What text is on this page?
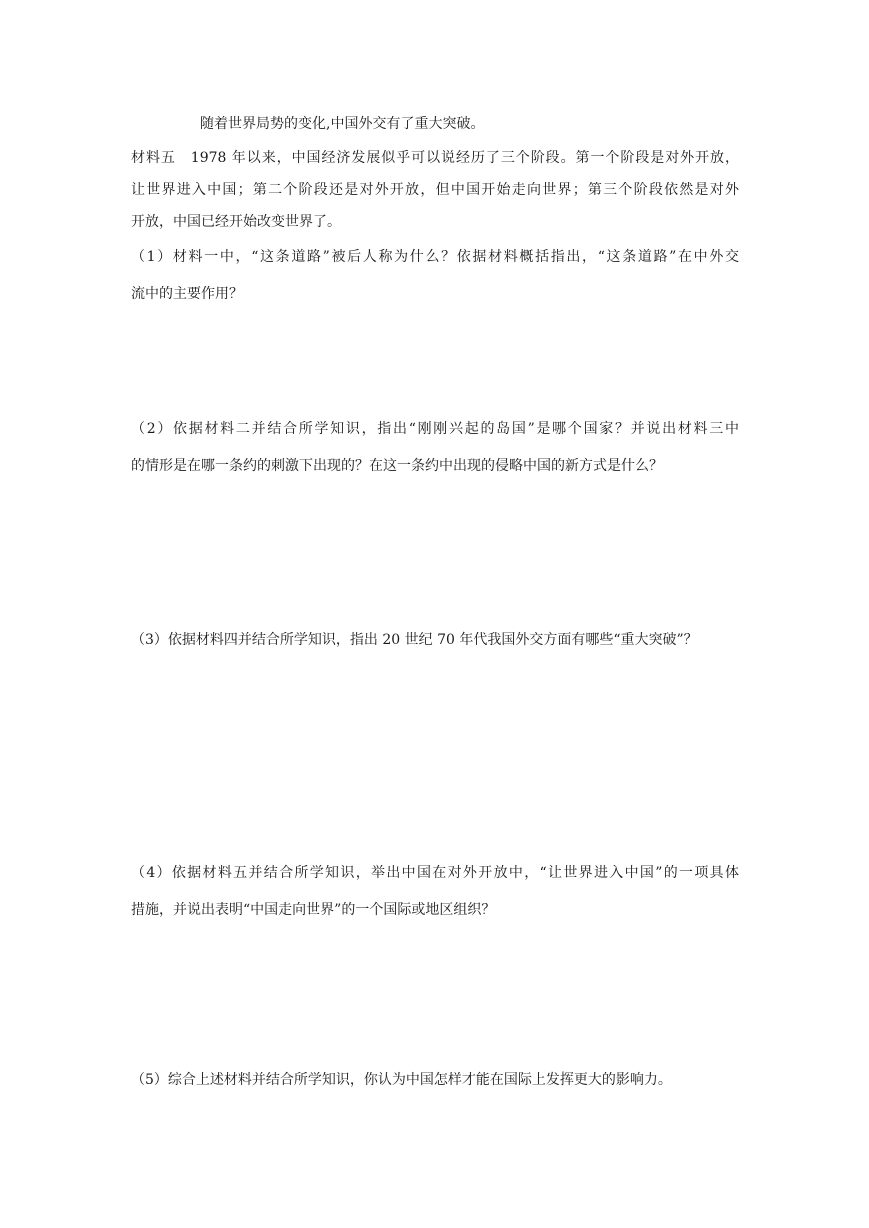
随着世界局势的变化,中国外交有了重大突破。
材料五　1978 年以来，中国经济发展似乎可以说经历了三个阶段。第一个阶段是对外开放，
让世界进入中国；第二个阶段还是对外开放，但中国开始走向世界；第三个阶段依然是对外
开放，中国已经开始改变世界了。
（1）材料一中，“这条道路”被后人称为什么？依据材料概括指出，“这条道路”在中外交
流中的主要作用？
（2）依据材料二并结合所学知识，指出“刚刚兴起的岛国”是哪个国家？并说出材料三中
的情形是在哪一条约的刺激下出现的？在这一条约中出现的侵略中国的新方式是什么？
（3）依据材料四并结合所学知识，指出 20 世纪 70 年代我国外交方面有哪些“重大突破”？
（4）依据材料五并结合所学知识，举出中国在对外开放中，“让世界进入中国”的一项具体
措施，并说出表明“中国走向世界”的一个国际或地区组织？
（5）综合上述材料并结合所学知识，你认为中国怎样才能在国际上发挥更大的影响力。
